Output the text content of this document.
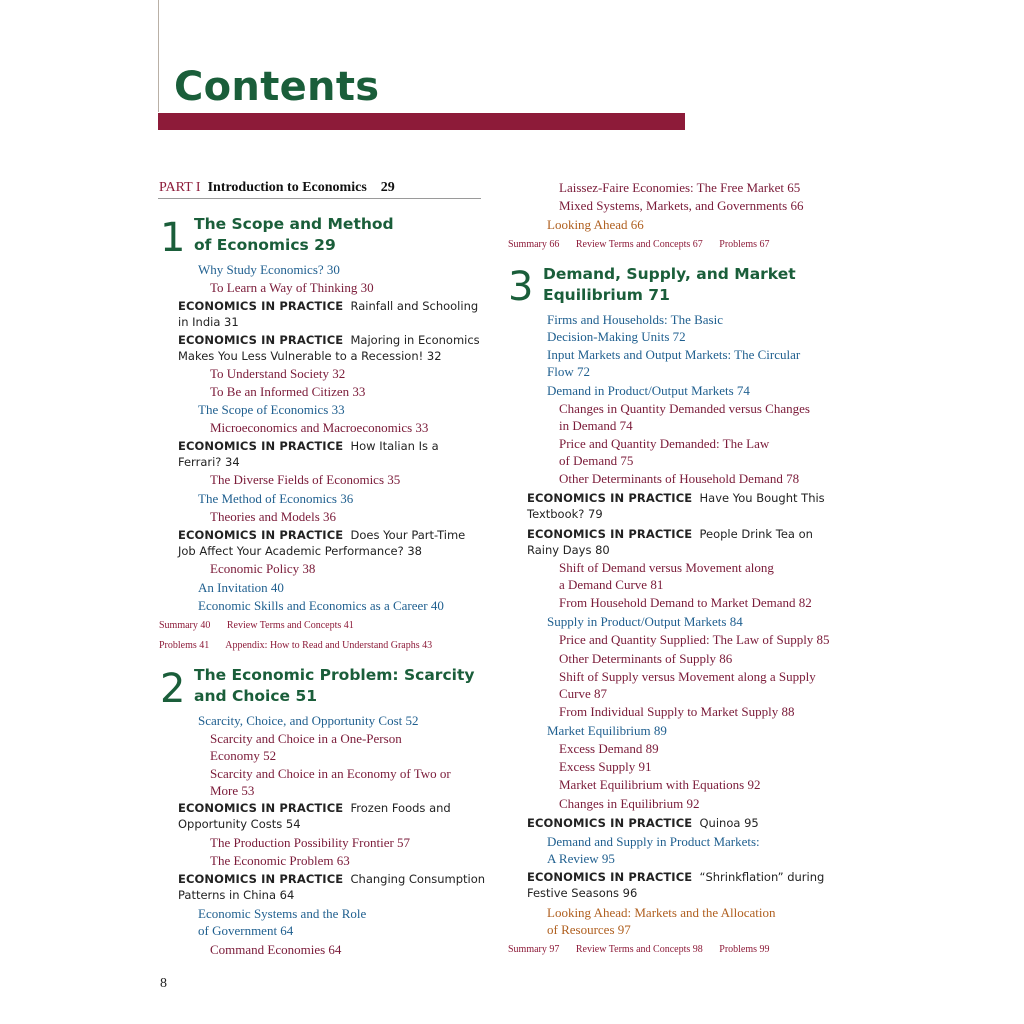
Contents
PART I Introduction to Economics 29
1 The Scope and Method
of Economics 29
Why Study Economics? 30
To Learn a Way of Thinking 30
ECONOMICS IN PRACTICE Rainfall and Schooling
in India 31
ECONOMICS IN PRACTICE Majoring in Economics
Makes You Less Vulnerable to a Recession! 32
To Understand Society 32
To Be an Informed Citizen 33
The Scope of Economics 33
Microeconomics and Macroeconomics 33
ECONOMICS IN PRACTICE How Italian Is a
Ferrari? 34
The Diverse Fields of Economics 35
The Method of Economics 36
Theories and Models 36
ECONOMICS IN PRACTICE Does Your Part-Time
Job Affect Your Academic Performance? 38
Economic Policy 38
An Invitation 40
Economic Skills and Economics as a Career 40
Summary 40 Review Terms and Concepts 41
Problems 41 Appendix: How to Read and Understand Graphs 43
2 The Economic Problem: Scarcity
and Choice 51
Scarcity, Choice, and Opportunity Cost 52
Scarcity and Choice in a One-Person
Economy 52
Scarcity and Choice in an Economy of Two or
More 53
ECONOMICS IN PRACTICE Frozen Foods and
Opportunity Costs 54
The Production Possibility Frontier 57
The Economic Problem 63
ECONOMICS IN PRACTICE Changing Consumption
Patterns in China 64
Economic Systems and the Role
of Government 64
Command Economies 64
Laissez-Faire Economies: The Free Market 65
Mixed Systems, Markets, and Governments 66
Looking Ahead 66
Summary 66 Review Terms and Concepts 67 Problems 67
3 Demand, Supply, and Market
Equilibrium 71
Firms and Households: The Basic
Decision-Making Units 72
Input Markets and Output Markets: The Circular
Flow 72
Demand in Product/Output Markets 74
Changes in Quantity Demanded versus Changes
in Demand 74
Price and Quantity Demanded: The Law
of Demand 75
Other Determinants of Household Demand 78
ECONOMICS IN PRACTICE Have You Bought This
Textbook? 79
ECONOMICS IN PRACTICE People Drink Tea on
Rainy Days 80
Shift of Demand versus Movement along
a Demand Curve 81
From Household Demand to Market Demand 82
Supply in Product/Output Markets 84
Price and Quantity Supplied: The Law of Supply 85
Other Determinants of Supply 86
Shift of Supply versus Movement along a Supply
Curve 87
From Individual Supply to Market Supply 88
Market Equilibrium 89
Excess Demand 89
Excess Supply 91
Market Equilibrium with Equations 92
Changes in Equilibrium 92
ECONOMICS IN PRACTICE Quinoa 95
Demand and Supply in Product Markets:
A Review 95
ECONOMICS IN PRACTICE “Shrinkflation” during
Festive Seasons 96
Looking Ahead: Markets and the Allocation
of Resources 97
Summary 97 Review Terms and Concepts 98 Problems 99
8
